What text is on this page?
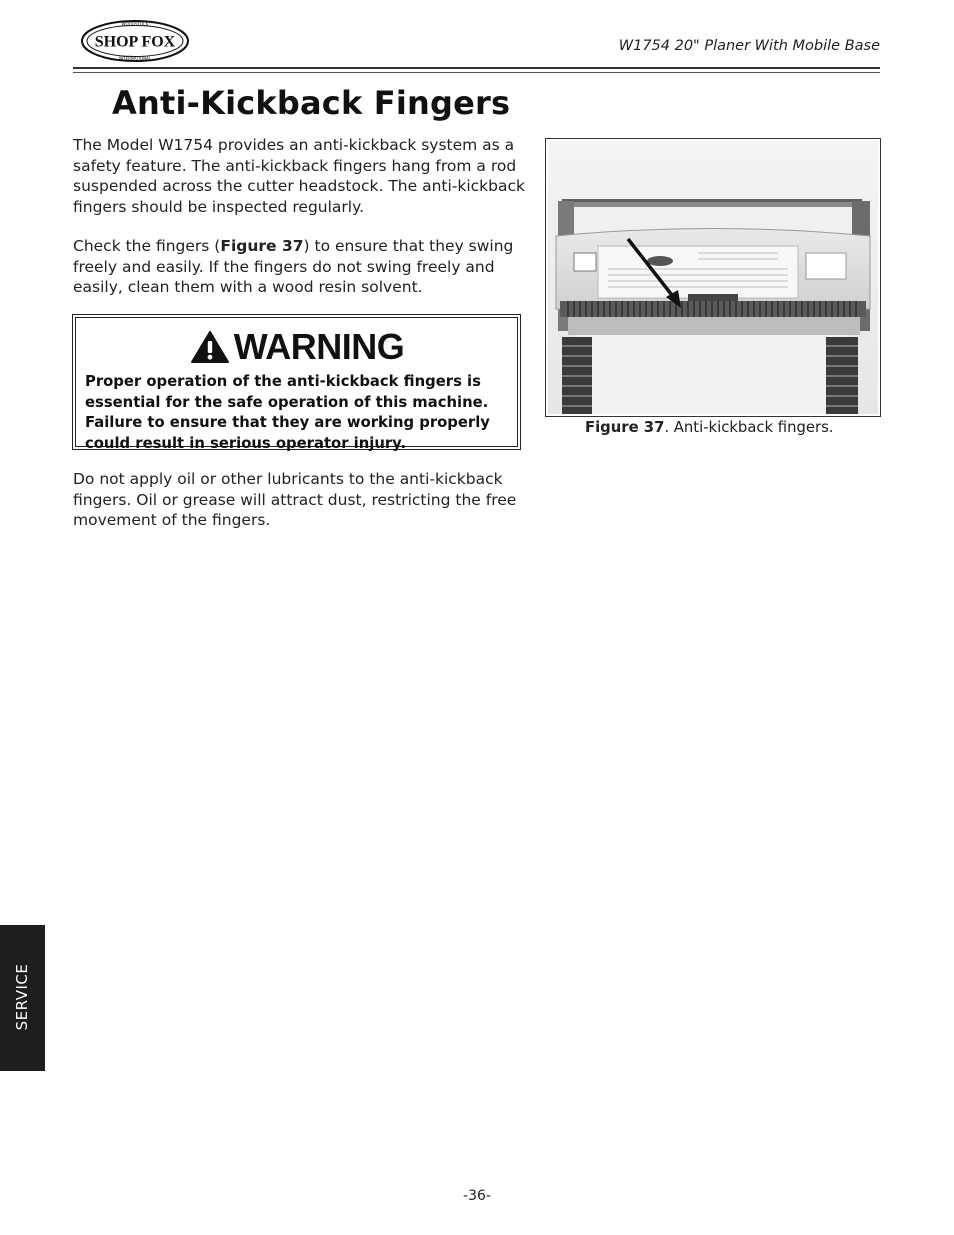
SHOP FOX
WOODSTOCK
INTERNATIONAL
W1754 20" Planer With Mobile Base
Anti-Kickback Fingers

The Model W1754 provides an anti-kickback system as a safety feature. The anti-kickback fingers hang from a rod suspended across the cutter headstock. The anti-kickback fingers should be inspected regularly.

Check the fingers (Figure 37) to ensure that they swing freely and easily. If the fingers do not swing freely and easily, clean them with a wood resin solvent.

WARNING

Proper operation of the anti-kickback fingers is essential for the safe operation of this machine. Failure to ensure that they are working properly could result in serious operator injury.

Do not apply oil or other lubricants to the anti-kickback fingers. Oil or grease will attract dust, restricting the free movement of the fingers.

Figure 37. Anti-kickback fingers.
SERVICE
-36-
